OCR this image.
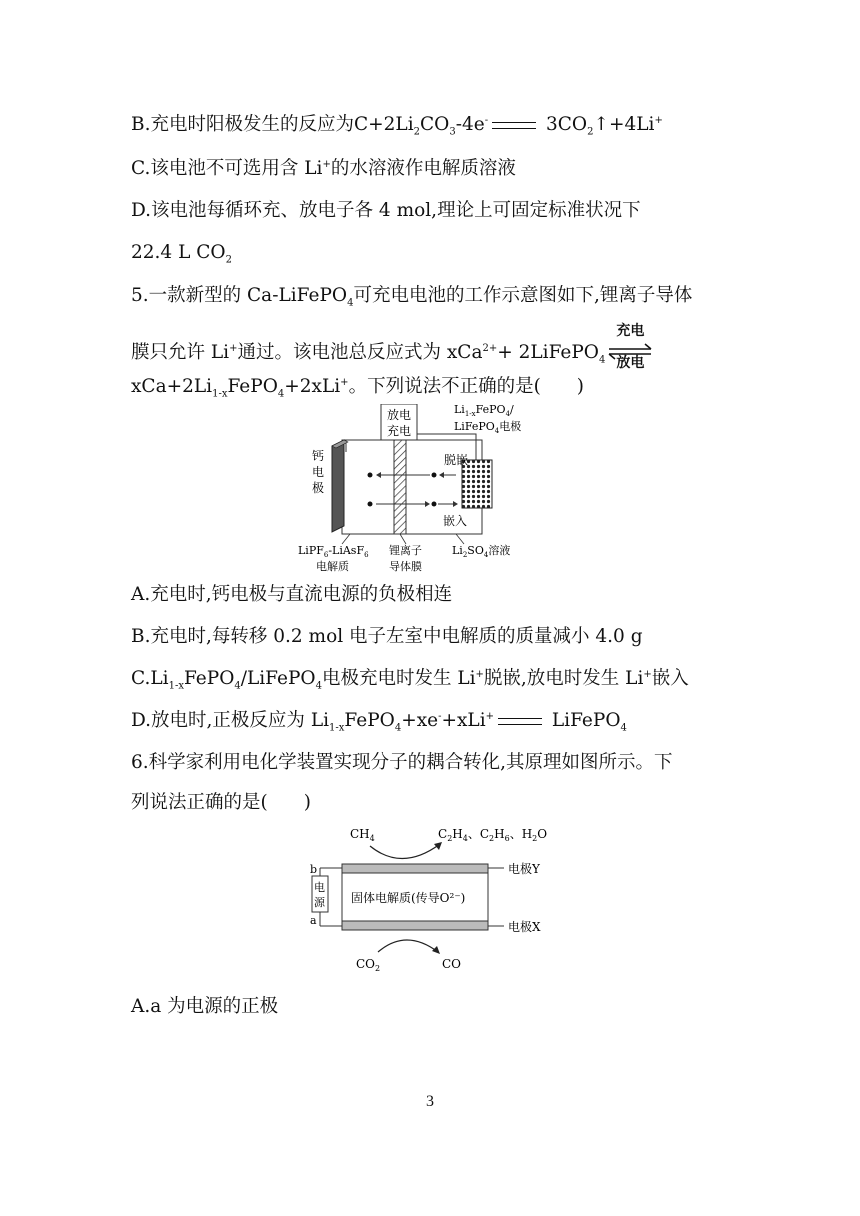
B.充电时阳极发生的反应为$C+2Li_2CO_3-4e^-$	$3CO_2↑+4Li^+$
C.该电池不可选用含 Li+的水溶液作电解质溶液
D.该电池每循环充、放电子各 4 mol,理论上可固定标准状况下
22.4 L $CO_2$
5.一款新型的 Ca-LiFePO$_4$可充电电池的工作示意图如下,锂离子导体
膜只允许 Li+通过。该电池总反应式为 xCa$^{2+}$+ 2LiFePO$_4$
充电
放电
$xCa+2Li_{1-x}FePO_4+2xLi^+$。下列说法不正确的是( )
放电
充电
钙
电
极
脱嵌
嵌入
$Li_{1-x}FePO_4/$
LiFePO$_4$电极
LiPF$_6$-LiAsF$_6$
电解质
锂离子
导体膜
$Li_2SO_4$溶液
A.充电时,钙电极与直流电源的负极相连
B.充电时,每转移 0.2 mol 电子左室中电解质的质量减小 4.0 g
$C.Li_{1-x}FePO_4/LiFePO_4$电极充电时发生 Li+脱嵌,放电时发生 Li+嵌入
D.放电时,正极反应为 $Li_{1-x}FePO_4+xe^-+xLi^+$	LiFePO$_4$
6.科学家利用电化学装置实现分子的耦合转化,其原理如图所示。下
列说法正确的是( )
$CH_4$	$C_2H_4$、$C_2H_6$、$H_2O$
电极Y
固体电解质(传导O²⁻)
电极X
电
源
b
a
$CO_2$	CO
A.a 为电源的正极
3
